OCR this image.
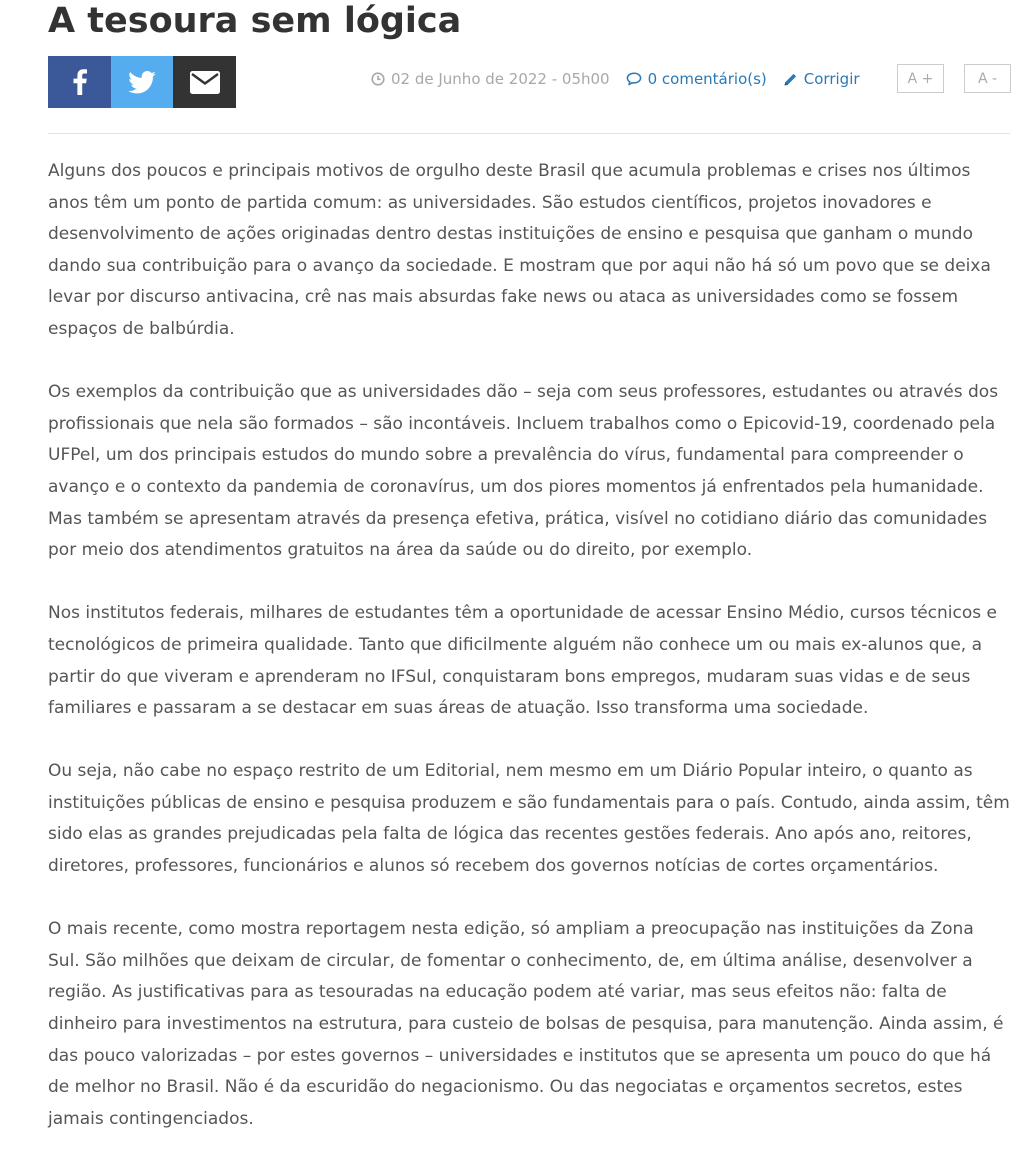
A tesoura sem lógica
02 de Junho de 2022 - 05h00	0 comentário(s) Corrigir	A +	A -

Alguns dos poucos e principais motivos de orgulho deste Brasil que acumula problemas e crises nos últimos anos têm um ponto de partida comum: as universidades. São estudos científicos, projetos inovadores e desenvolvimento de ações originadas dentro destas instituições de ensino e pesquisa que ganham o mundo dando sua contribuição para o avanço da sociedade. E mostram que por aqui não há só um povo que se deixa levar por discurso antivacina, crê nas mais absurdas fake news ou ataca as universidades como se fossem espaços de balbúrdia.

Os exemplos da contribuição que as universidades dão – seja com seus professores, estudantes ou através dos profissionais que nela são formados – são incontáveis. Incluem trabalhos como o Epicovid-19, coordenado pela UFPel, um dos principais estudos do mundo sobre a prevalência do vírus, fundamental para compreender o avanço e o contexto da pandemia de coronavírus, um dos piores momentos já enfrentados pela humanidade. Mas também se apresentam através da presença efetiva, prática, visível no cotidiano diário das comunidades por meio dos atendimentos gratuitos na área da saúde ou do direito, por exemplo.

Nos institutos federais, milhares de estudantes têm a oportunidade de acessar Ensino Médio, cursos técnicos e tecnológicos de primeira qualidade. Tanto que dificilmente alguém não conhece um ou mais ex-alunos que, a partir do que viveram e aprenderam no IFSul, conquistaram bons empregos, mudaram suas vidas e de seus familiares e passaram a se destacar em suas áreas de atuação. Isso transforma uma sociedade.

Ou seja, não cabe no espaço restrito de um Editorial, nem mesmo em um Diário Popular inteiro, o quanto as instituições públicas de ensino e pesquisa produzem e são fundamentais para o país. Contudo, ainda assim, têm sido elas as grandes prejudicadas pela falta de lógica das recentes gestões federais. Ano após ano, reitores, diretores, professores, funcionários e alunos só recebem dos governos notícias de cortes orçamentários.

O mais recente, como mostra reportagem nesta edição, só ampliam a preocupação nas instituições da Zona Sul. São milhões que deixam de circular, de fomentar o conhecimento, de, em última análise, desenvolver a região. As justificativas para as tesouradas na educação podem até variar, mas seus efeitos não: falta de dinheiro para investimentos na estrutura, para custeio de bolsas de pesquisa, para manutenção. Ainda assim, é das pouco valorizadas – por estes governos – universidades e institutos que se apresenta um pouco do que há de melhor no Brasil. Não é da escuridão do negacionismo. Ou das negociatas e orçamentos secretos, estes jamais contingenciados.
